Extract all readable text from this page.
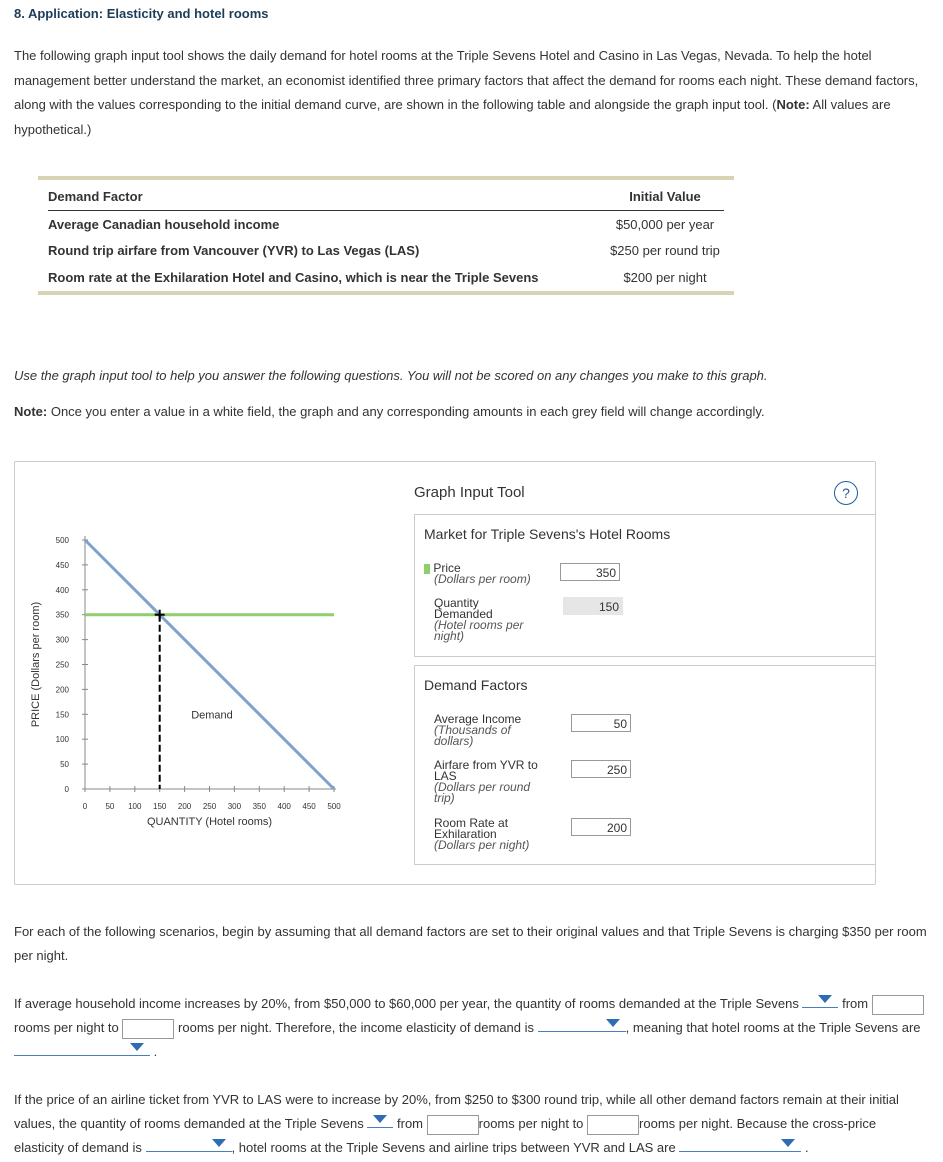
8. Application: Elasticity and hotel rooms
The following graph input tool shows the daily demand for hotel rooms at the Triple Sevens Hotel and Casino in Las Vegas, Nevada. To help the hotel management better understand the market, an economist identified three primary factors that affect the demand for rooms each night. These demand factors, along with the values corresponding to the initial demand curve, are shown in the following table and alongside the graph input tool. (Note: All values are hypothetical.)
Demand Factor	Initial Value
Average Canadian household income	$50,000 per year
Round trip airfare from Vancouver (YVR) to Las Vegas (LAS)	$250 per round trip
Room rate at the Exhilaration Hotel and Casino, which is near the Triple Sevens	$200 per night
Use the graph input tool to help you answer the following questions. You will not be scored on any changes you make to this graph.
Note: Once you enter a value in a white field, the graph and any corresponding amounts in each grey field will change accordingly.
0
50
100
150
200
250
300
350
400
450
500
0 50 100 150 200 250 300 350 400 450 500
QUANTITY (Hotel rooms)
PRICE (Dollars per room)	Demand
Graph Input Tool	?
Market for Triple Sevens's Hotel Rooms
Price
(Dollars per room)	350
Quantity
Demanded
(Hotel rooms per
night)
150
Demand Factors
Average Income
(Thousands of
dollars)
50
Airfare from YVR to
LAS
(Dollars per round
trip)
250
Room Rate at
Exhilaration
(Dollars per night)
200
For each of the following scenarios, begin by assuming that all demand factors are set to their original values and that Triple Sevens is charging $350 per room per night.
If average household income increases by 20%, from $50,000 to $60,000 per year, the quantity of rooms demanded at the Triple Sevens	from  rooms per night to	rooms per night. Therefore, the income elasticity of demand is	, meaning that hotel rooms at the Triple Sevens are
.
If the price of an airline ticket from YVR to LAS were to increase by 20%, from $250 to $300 round trip, while all other demand factors remain at their initial values, the quantity of rooms demanded at the Triple Sevens	from	rooms per night to	rooms per night. Because the cross-price elasticity of demand is	, hotel rooms at the Triple Sevens and airline trips between YVR and LAS are	.
